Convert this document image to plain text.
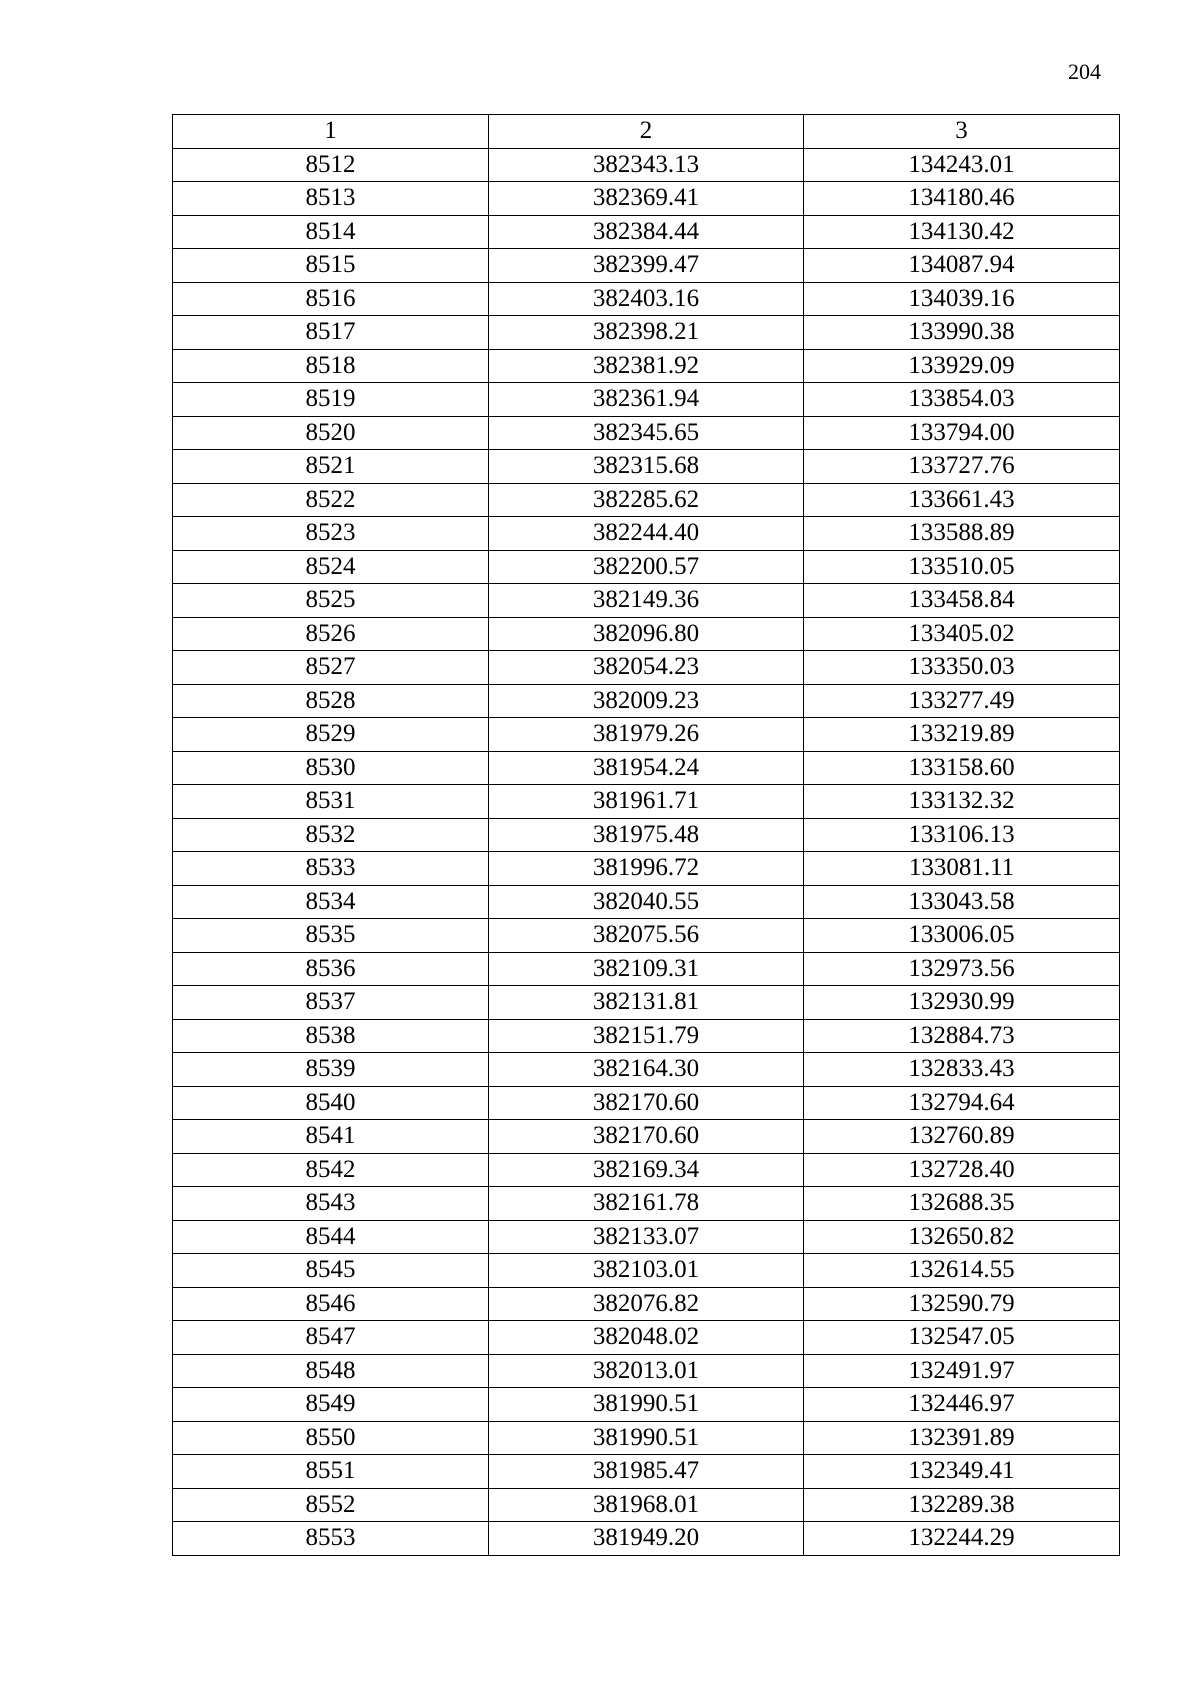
204
1	2	3
8512	382343.13	134243.01
8513	382369.41	134180.46
8514	382384.44	134130.42
8515	382399.47	134087.94
8516	382403.16	134039.16
8517	382398.21	133990.38
8518	382381.92	133929.09
8519	382361.94	133854.03
8520	382345.65	133794.00
8521	382315.68	133727.76
8522	382285.62	133661.43
8523	382244.40	133588.89
8524	382200.57	133510.05
8525	382149.36	133458.84
8526	382096.80	133405.02
8527	382054.23	133350.03
8528	382009.23	133277.49
8529	381979.26	133219.89
8530	381954.24	133158.60
8531	381961.71	133132.32
8532	381975.48	133106.13
8533	381996.72	133081.11
8534	382040.55	133043.58
8535	382075.56	133006.05
8536	382109.31	132973.56
8537	382131.81	132930.99
8538	382151.79	132884.73
8539	382164.30	132833.43
8540	382170.60	132794.64
8541	382170.60	132760.89
8542	382169.34	132728.40
8543	382161.78	132688.35
8544	382133.07	132650.82
8545	382103.01	132614.55
8546	382076.82	132590.79
8547	382048.02	132547.05
8548	382013.01	132491.97
8549	381990.51	132446.97
8550	381990.51	132391.89
8551	381985.47	132349.41
8552	381968.01	132289.38
8553	381949.20	132244.29
